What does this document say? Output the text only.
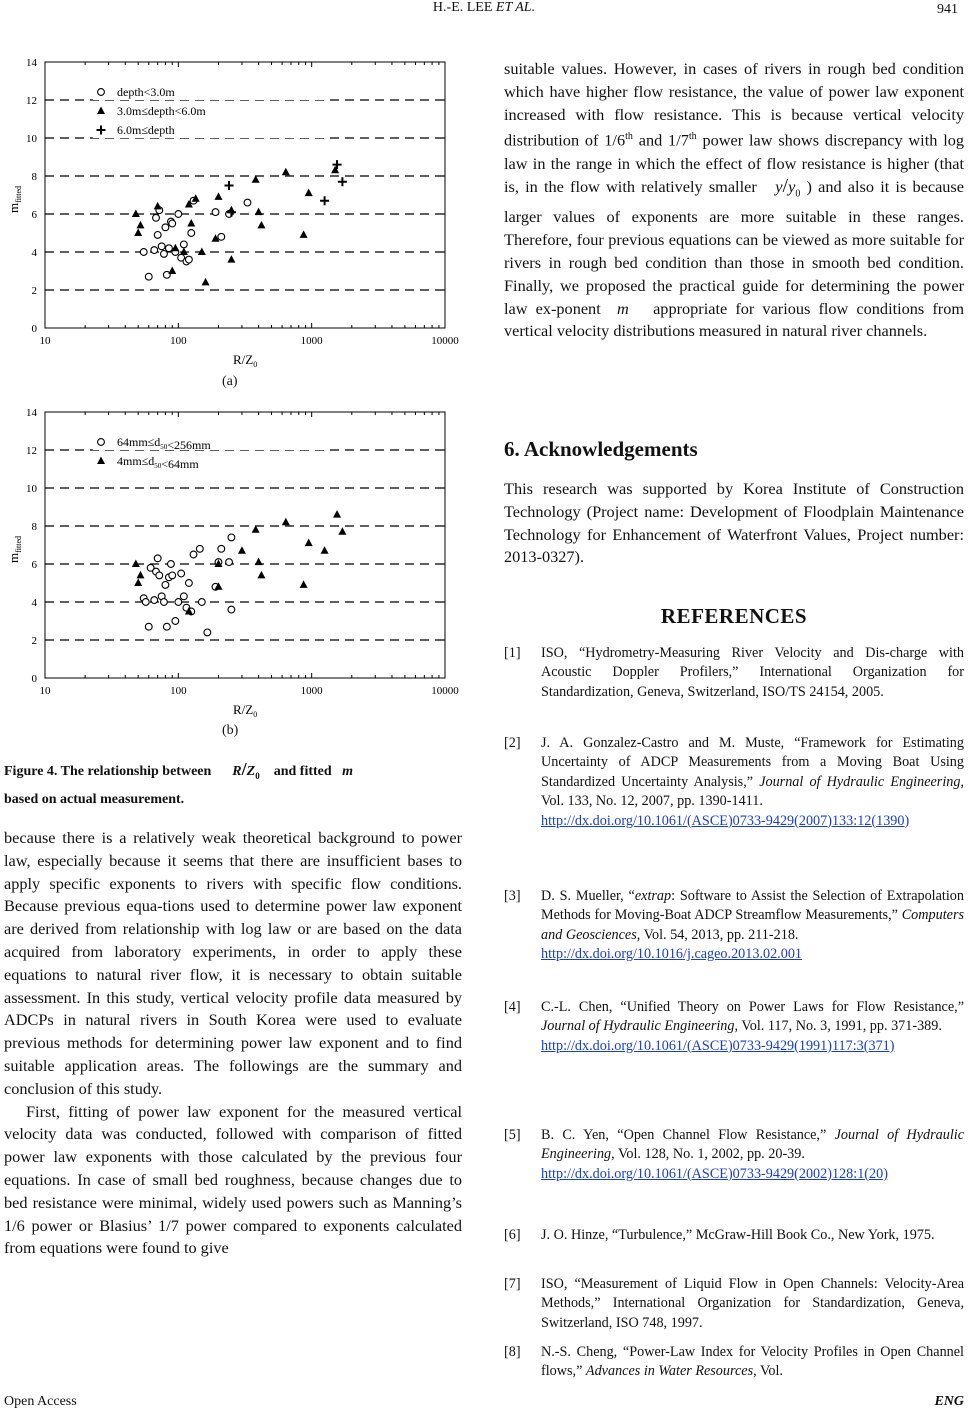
H.-E. LEE ET AL.	941
10	100	1000	10000
0
2
4
6
8
10
12
14
$R/Z_0$
$m_{fitted}$
depth<3.0m
3.0m≤depth<6.0m
6.0m≤depth
(a)
10	100	1000	10000
0
2
4
6
8
10
12
14
$R/Z_0$
$m_{fitted}$
$64mm\le d_{50}<256mm$
$4mm\le d_{50}<64mm$
(b)
Figure 4. The relationship between $R/Z_0$ and fitted m
based on actual measurement.

because there is a relatively weak theoretical background to power law, especially because it seems that there are insufficient bases to apply specific exponents to rivers with specific flow conditions. Because previous equa-tions used to determine power law exponent are derived from relationship with log law or are based on the data acquired from laboratory experiments, in order to apply these equations to natural river flow, it is necessary to obtain suitable assessment. In this study, vertical velocity profile data measured by ADCPs in natural rivers in South Korea were used to evaluate previous methods for determining power law exponent and to find suitable application areas. The followings are the summary and conclusion of this study.

First, fitting of power law exponent for the measured vertical velocity data was conducted, followed with comparison of fitted power law exponents with those calculated by the previous four equations. In case of small bed roughness, because changes due to bed resistance were minimal, widely used powers such as Manning’s 1/6 power or Blasius’ 1/7 power compared to exponents calculated from equations were found to give

suitable values. However, in cases of rivers in rough bed condition which have higher flow resistance, the value of power law exponent increased with flow resistance. This is because vertical velocity distribution of 1/6th and 1/7th power law shows discrepancy with log law in the range in which the effect of flow resistance is higher (that is, in the flow with relatively smaller   $y/y_0$ ) and also it is because larger values of exponents are more suitable in these ranges. Therefore, four previous equations can be viewed as more suitable for rivers in rough bed condition than those in smooth bed condition. Finally, we proposed the practical guide for determining the power law ex-ponent  m   appropriate for various flow conditions from vertical velocity distributions measured in natural river channels.

6. Acknowledgements
This research was supported by Korea Institute of Construction Technology (Project name: Development of Floodplain Maintenance Technology for Enhancement of Waterfront Values, Project number: 2013-0327).
REFERENCES
[1] ISO, “Hydrometry-Measuring River Velocity and Dis-charge with Acoustic Doppler Profilers,” International Organization for Standardization, Geneva, Switzerland, ISO/TS 24154, 2005.
[2] J. A. Gonzalez-Castro and M. Muste, “Framework for Estimating Uncertainty of ADCP Measurements from a Moving Boat Using Standardized Uncertainty Analysis,” Journal of Hydraulic Engineering, Vol. 133, No. 12, 2007, pp. 1390-1411.
http://dx.doi.org/10.1061/(ASCE)0733-9429(2007)133:12(1390)
[3] D. S. Mueller, “extrap: Software to Assist the Selection of Extrapolation Methods for Moving-Boat ADCP Streamflow Measurements,” Computers and Geosciences, Vol. 54, 2013, pp. 211-218.
http://dx.doi.org/10.1016/j.cageo.2013.02.001
[4] C.-L. Chen, “Unified Theory on Power Laws for Flow Resistance,” Journal of Hydraulic Engineering, Vol. 117, No. 3, 1991, pp. 371-389.
http://dx.doi.org/10.1061/(ASCE)0733-9429(1991)117:3(371)
[5] B. C. Yen, “Open Channel Flow Resistance,” Journal of Hydraulic Engineering, Vol. 128, No. 1, 2002, pp. 20-39.
http://dx.doi.org/10.1061/(ASCE)0733-9429(2002)128:1(20)
[6] J. O. Hinze, “Turbulence,” McGraw-Hill Book Co., New York, 1975.
[7] ISO, “Measurement of Liquid Flow in Open Channels: Velocity-Area Methods,” International Organization for Standardization, Geneva, Switzerland, ISO 748, 1997.
[8] N.-S. Cheng, “Power-Law Index for Velocity Profiles in Open Channel flows,” Advances in Water Resources, Vol.
Open Access	ENG
